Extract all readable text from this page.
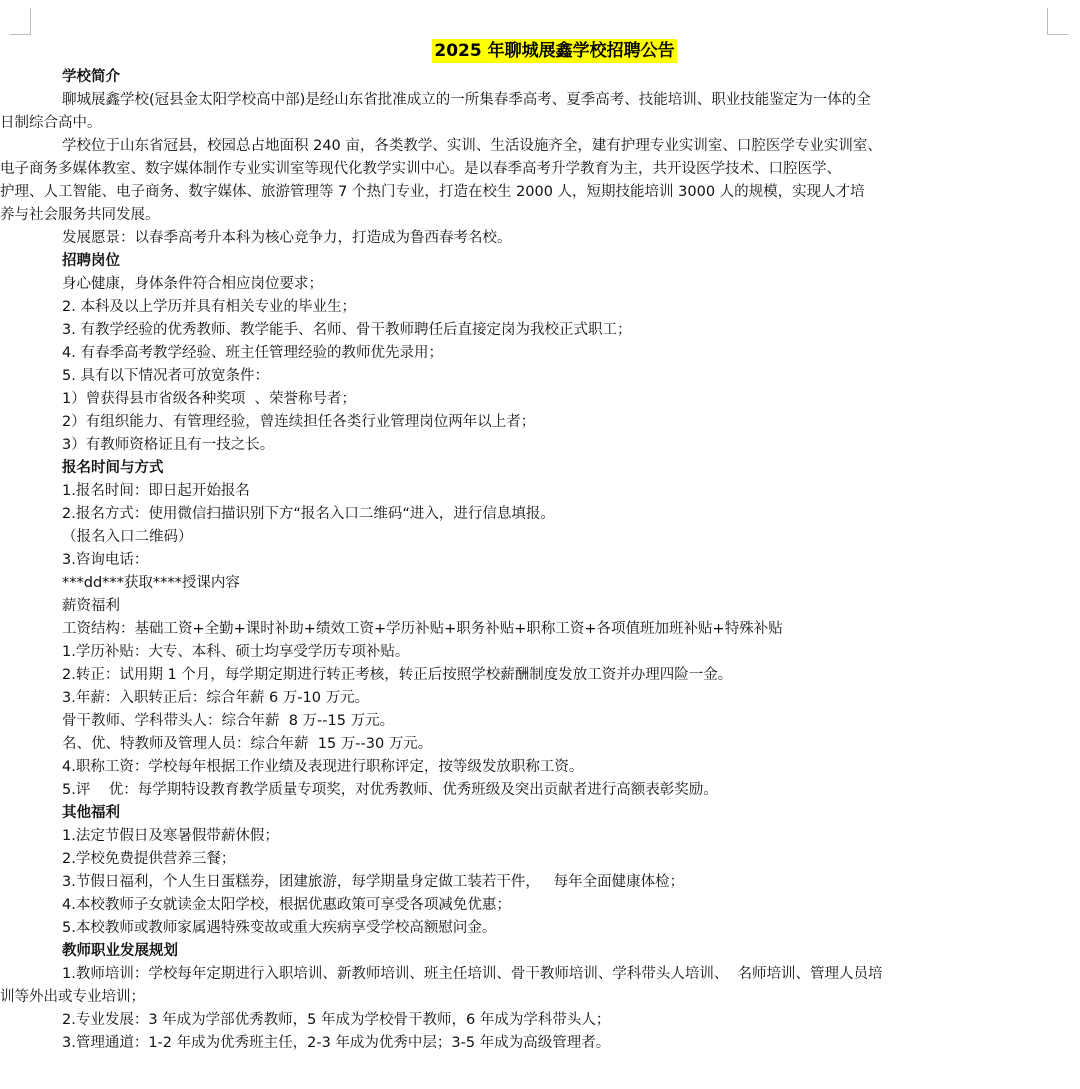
2025 年聊城展鑫学校招聘公告
学校简介
聊城展鑫学校(冠县金太阳学校高中部)是经山东省批准成立的一所集春季高考、夏季高考、技能培训、职业技能鉴定为一体的全
日制综合高中。
学校位于山东省冠县，校园总占地面积 240 亩，各类教学、实训、生活设施齐全，建有护理专业实训室、口腔医学专业实训室、
电子商务多媒体教室、数字媒体制作专业实训室等现代化教学实训中心。是以春季高考升学教育为主，共开设医学技术、口腔医学、
护理、人工智能、电子商务、数字媒体、旅游管理等 7 个热门专业，打造在校生 2000 人，短期技能培训 3000 人的规模，实现人才培
养与社会服务共同发展。
发展愿景：以春季高考升本科为核心竞争力，打造成为鲁西春考名校。
招聘岗位
身心健康，身体条件符合相应岗位要求；
2. 本科及以上学历并具有相关专业的毕业生；
3. 有教学经验的优秀教师、教学能手、名师、骨干教师聘任后直接定岗为我校正式职工；
4. 有春季高考教学经验、班主任管理经验的教师优先录用；
5. 具有以下情况者可放宽条件：
1）曾获得县市省级各种奖项  、荣誉称号者；
2）有组织能力、有管理经验，曾连续担任各类行业管理岗位两年以上者；
3）有教师资格证且有一技之长。
报名时间与方式
1.报名时间：即日起开始报名
2.报名方式：使用微信扫描识别下方“报名入口二维码“进入，进行信息填报。
（报名入口二维码）
3.咨询电话：
***dd***获取****授课内容
薪资福利
工资结构：基础工资+全勤+课时补助+绩效工资+学历补贴+职务补贴+职称工资+各项值班加班补贴+特殊补贴
1.学历补贴：大专、本科、硕士均享受学历专项补贴。
2.转正：试用期 1 个月，每学期定期进行转正考核，转正后按照学校薪酬制度发放工资并办理四险一金。
3.年薪：入职转正后：综合年薪 6 万-10 万元。
骨干教师、学科带头人：综合年薪  8 万--15 万元。
名、优、特教师及管理人员：综合年薪  15 万--30 万元。
4.职称工资：学校每年根据工作业绩及表现进行职称评定，按等级发放职称工资。
5.评    优：每学期特设教育教学质量专项奖，对优秀教师、优秀班级及突出贡献者进行高额表彰奖励。
其他福利
1.法定节假日及寒暑假带薪休假；
2.学校免费提供营养三餐；
3.节假日福利，个人生日蛋糕券，团建旅游，每学期量身定做工装若干件，   每年全面健康体检；
4.本校教师子女就读金太阳学校，根据优惠政策可享受各项减免优惠；
5.本校教师或教师家属遇特殊变故或重大疾病享受学校高额慰问金。
教师职业发展规划
1.教师培训：学校每年定期进行入职培训、新教师培训、班主任培训、骨干教师培训、学科带头人培训、  名师培训、管理人员培
训等外出或专业培训；
2.专业发展：3 年成为学部优秀教师，5 年成为学校骨干教师，6 年成为学科带头人；
3.管理通道：1-2 年成为优秀班主任，2-3 年成为优秀中层；3-5 年成为高级管理者。
